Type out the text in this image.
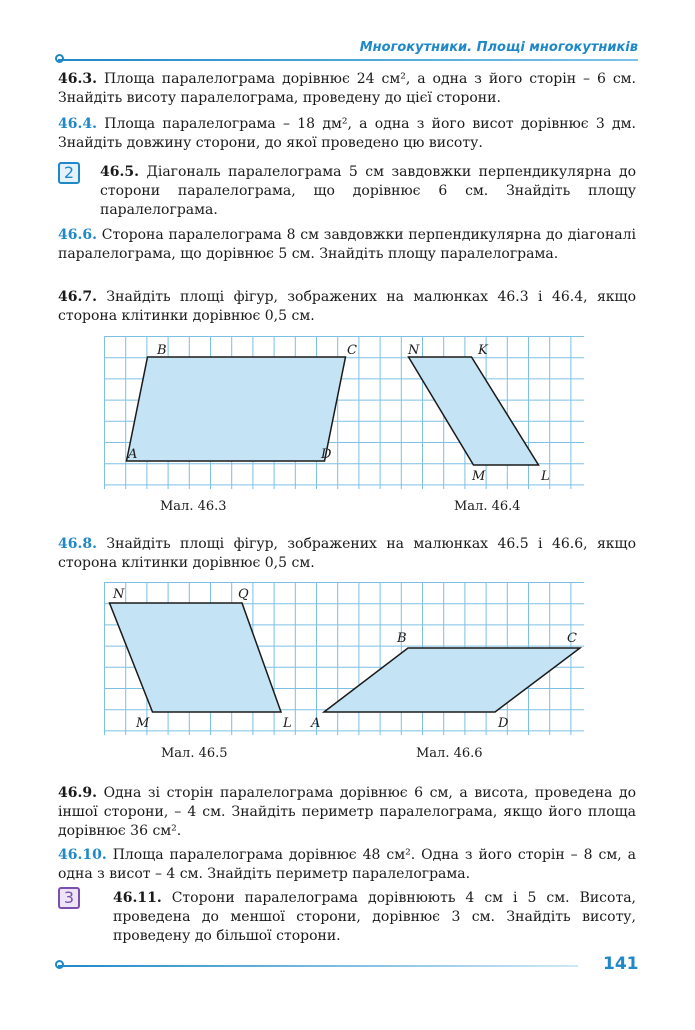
Многокутники. Площі многокутників
46.3. Площа паралелограма дорівнює 24 см², а одна з його сторін – 6 см. Знайдіть висоту паралелограма, проведену до цієї сторони.
46.4. Площа паралелограма – 18 дм², а одна з його висот дорівнює 3 дм. Знайдіть довжину сторони, до якої проведено цю висоту.
2	46.5. Діагональ паралелограма 5 см завдовжки перпендикулярна до сторони паралелограма, що дорівнює 6 см. Знайдіть площу паралелограма.
46.6. Сторона паралелограма 8 см завдовжки перпендикулярна до діагоналі паралелограма, що дорівнює 5 см. Знайдіть площу паралелограма.
46.7. Знайдіть площі фігур, зображених на малюнках 46.3 і 46.4, якщо сторона клітинки дорівнює 0,5 см.
B	C
A	D
N	K
M	L
Мал. 46.3	Мал. 46.4
46.8. Знайдіть площі фігур, зображених на малюнках 46.5 і 46.6, якщо сторона клітинки дорівнює 0,5 см.
N	Q
M	L
B	C
A	D
Мал. 46.5	Мал. 46.6
46.9. Одна зі сторін паралелограма дорівнює 6 см, а висота, проведена до іншої сторони, – 4 см. Знайдіть периметр паралелограма, якщо його площа дорівнює 36 см².
46.10. Площа паралелограма дорівнює 48 см². Одна з його сторін – 8 см, а одна з висот – 4 см. Знайдіть периметр паралелограма.
3	46.11. Сторони паралелограма дорівнюють 4 см і 5 см. Висота, проведена до меншої сторони, дорівнює 3 см. Знайдіть висоту, проведену до більшої сторони.
141
